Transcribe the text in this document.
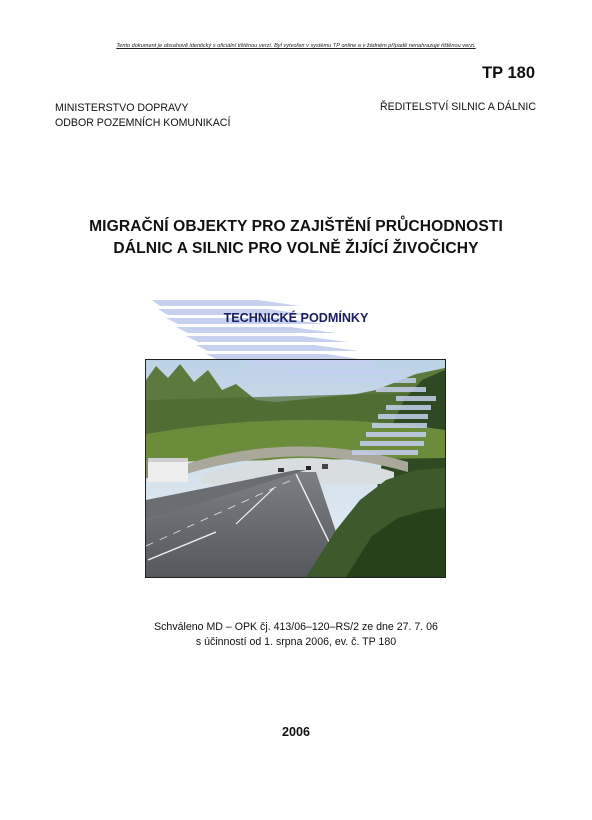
Tento dokument je obsahově identický s oficiální tištěnou verzí. Byl vytvořen v systému TP online a v žádném případě nenahrazuje tištěnou verzi.
TP 180
MINISTERSTVO DOPRAVY
ODBOR POZEMNÍCH KOMUNIKACÍ
ŘEDITELSTVÍ SILNIC A DÁLNIC
MIGRAČNÍ OBJEKTY PRO ZAJIŠTĚNÍ PRŮCHODNOSTI
DÁLNIC A SILNIC PRO VOLNĚ ŽIJÍCÍ ŽIVOČICHY
TECHNICKÉ PODMÍNKY
Schváleno MD – OPK čj. 413/06–120–RS/2 ze dne 27. 7. 06
s účinností od 1. srpna 2006, ev. č. TP 180
2006
